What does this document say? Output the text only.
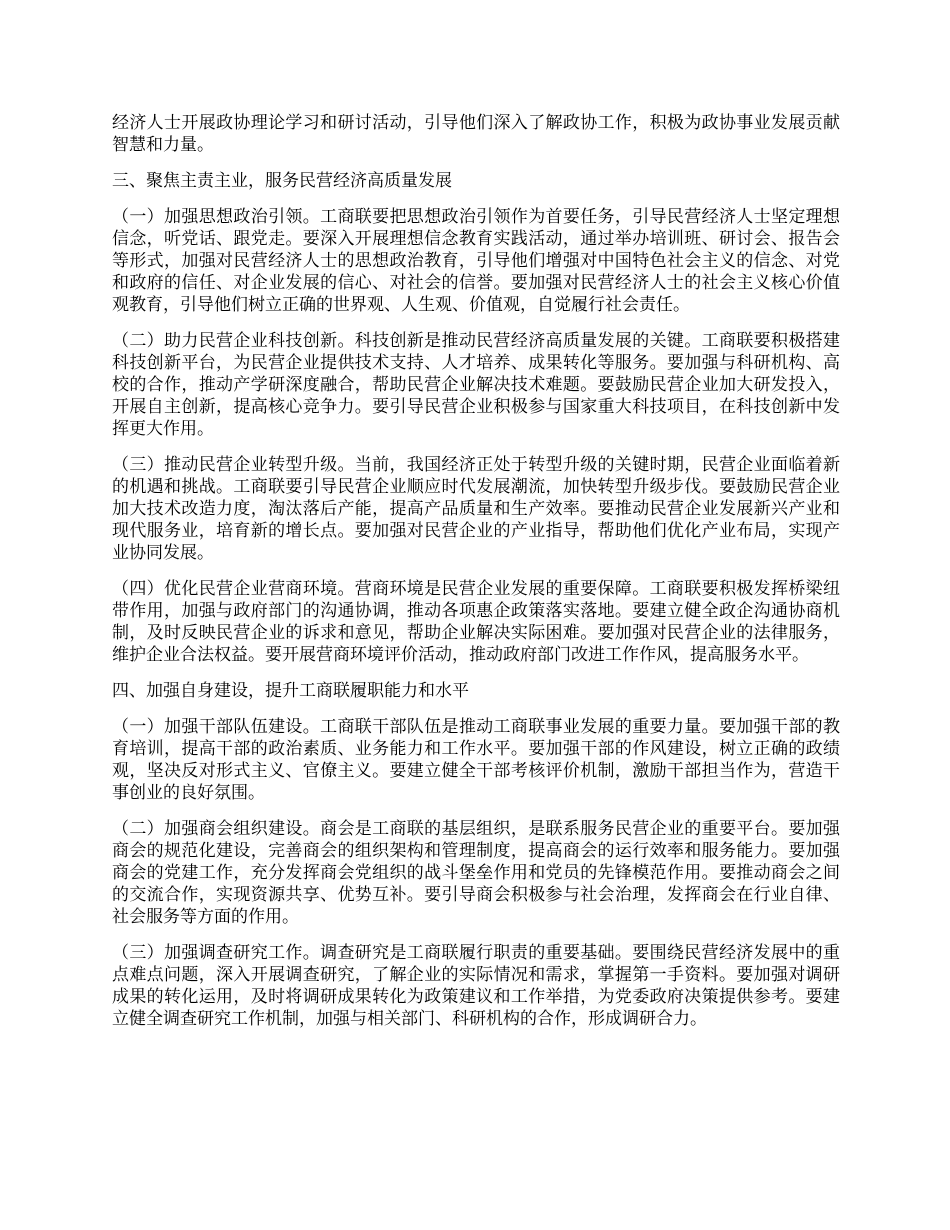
经济人士开展政协理论学习和研讨活动，引导他们深入了解政协工作，积极为政协事业发展贡献智慧和力量。

三、聚焦主责主业，服务民营经济高质量发展

（一）加强思想政治引领。工商联要把思想政治引领作为首要任务，引导民营经济人士坚定理想信念，听党话、跟党走。要深入开展理想信念教育实践活动，通过举办培训班、研讨会、报告会等形式，加强对民营经济人士的思想政治教育，引导他们增强对中国特色社会主义的信念、对党和政府的信任、对企业发展的信心、对社会的信誉。要加强对民营经济人士的社会主义核心价值观教育，引导他们树立正确的世界观、人生观、价值观，自觉履行社会责任。

（二）助力民营企业科技创新。科技创新是推动民营经济高质量发展的关键。工商联要积极搭建科技创新平台，为民营企业提供技术支持、人才培养、成果转化等服务。要加强与科研机构、高校的合作，推动产学研深度融合，帮助民营企业解决技术难题。要鼓励民营企业加大研发投入，开展自主创新，提高核心竞争力。要引导民营企业积极参与国家重大科技项目，在科技创新中发挥更大作用。

（三）推动民营企业转型升级。当前，我国经济正处于转型升级的关键时期，民营企业面临着新的机遇和挑战。工商联要引导民营企业顺应时代发展潮流，加快转型升级步伐。要鼓励民营企业加大技术改造力度，淘汰落后产能，提高产品质量和生产效率。要推动民营企业发展新兴产业和现代服务业，培育新的增长点。要加强对民营企业的产业指导，帮助他们优化产业布局，实现产业协同发展。

（四）优化民营企业营商环境。营商环境是民营企业发展的重要保障。工商联要积极发挥桥梁纽带作用，加强与政府部门的沟通协调，推动各项惠企政策落实落地。要建立健全政企沟通协商机制，及时反映民营企业的诉求和意见，帮助企业解决实际困难。要加强对民营企业的法律服务，维护企业合法权益。要开展营商环境评价活动，推动政府部门改进工作作风，提高服务水平。

四、加强自身建设，提升工商联履职能力和水平

（一）加强干部队伍建设。工商联干部队伍是推动工商联事业发展的重要力量。要加强干部的教育培训，提高干部的政治素质、业务能力和工作水平。要加强干部的作风建设，树立正确的政绩观，坚决反对形式主义、官僚主义。要建立健全干部考核评价机制，激励干部担当作为，营造干事创业的良好氛围。

（二）加强商会组织建设。商会是工商联的基层组织，是联系服务民营企业的重要平台。要加强商会的规范化建设，完善商会的组织架构和管理制度，提高商会的运行效率和服务能力。要加强商会的党建工作，充分发挥商会党组织的战斗堡垒作用和党员的先锋模范作用。要推动商会之间的交流合作，实现资源共享、优势互补。要引导商会积极参与社会治理，发挥商会在行业自律、社会服务等方面的作用。

（三）加强调查研究工作。调查研究是工商联履行职责的重要基础。要围绕民营经济发展中的重点难点问题，深入开展调查研究，了解企业的实际情况和需求，掌握第一手资料。要加强对调研成果的转化运用，及时将调研成果转化为政策建议和工作举措，为党委政府决策提供参考。要建立健全调查研究工作机制，加强与相关部门、科研机构的合作，形成调研合力。
